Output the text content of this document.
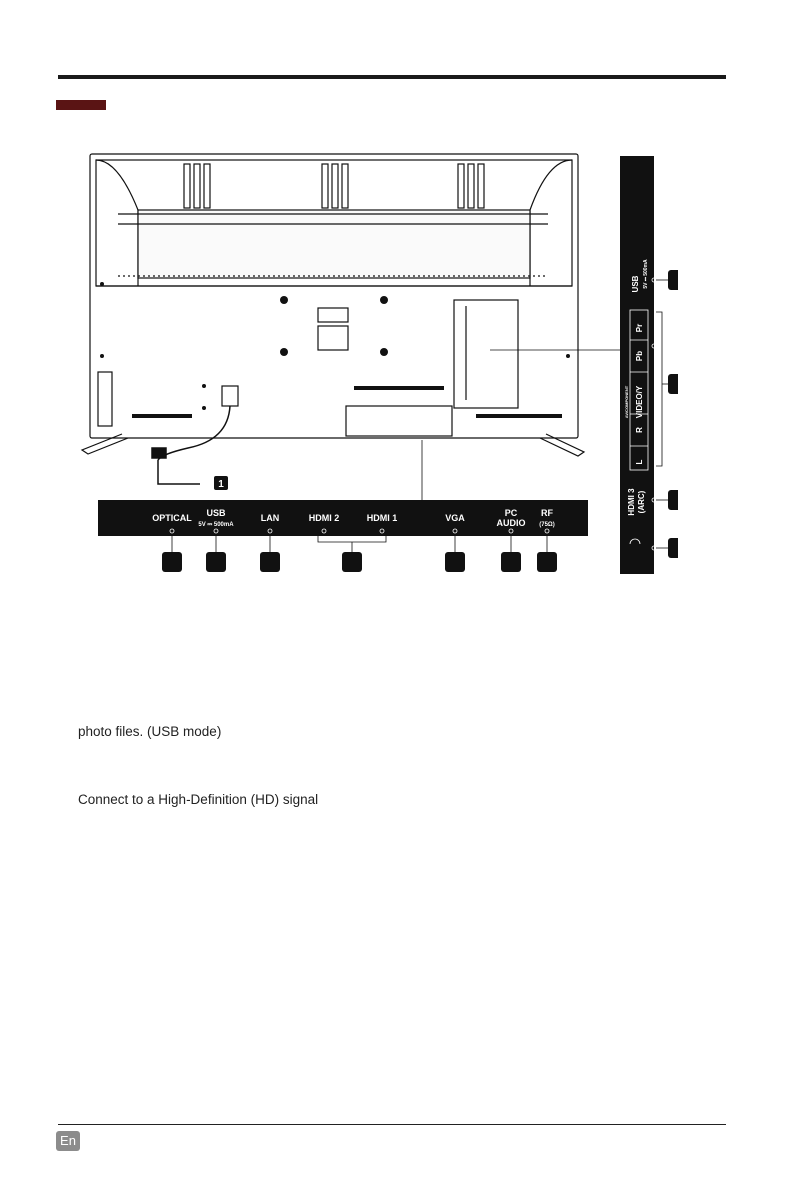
1
OPTICAL USB
5V ⎓ 500mA
LAN	HDMI 2	HDMI 1	VGA	PC
AUDIO
RF
(75Ω)
USB 5V ⎓ 500mA
Pr
Pb
AV/COMPONENT VIDEO/Y
R
L
HDMI 3 (ARC)
photo files. (USB mode)
Connect to a High-Definition (HD) signal
En
